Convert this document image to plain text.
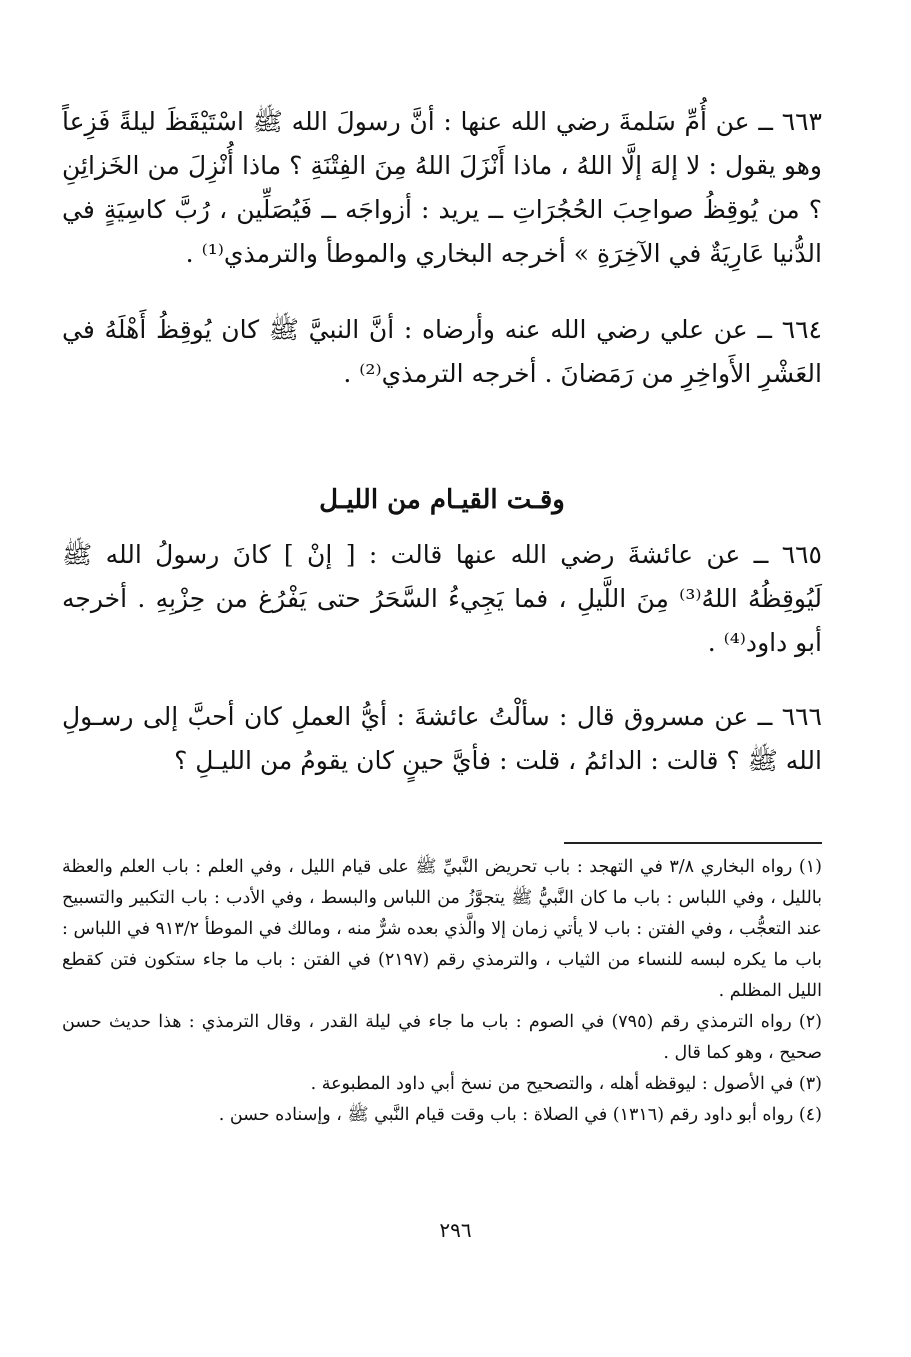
٦٦٣ ــ عن أُمِّ سَلمةَ رضي الله عنها : أنَّ رسولَ الله ﷺ اسْتَيْقَظَ ليلةً فَزِعاً وهو يقول : لا إلهَ إلَّا اللهُ ، ماذا أَنْزَلَ اللهُ مِنَ الفِتْنَةِ ؟ ماذا أُنْزِلَ من الخَزائِنِ ؟ من يُوقِظُ صواحِبَ الحُجُرَاتِ ــ يريد : أزواجَه ــ فَيُصَلِّين ، رُبَّ كاسِيَةٍ في الدُّنيا عَارِيَةٌ في الآخِرَةِ » أخرجه البخاري والموطأ والترمذي⁽¹⁾ .

٦٦٤ ــ عن علي رضي الله عنه وأرضاه : أنَّ النبيَّ ﷺ كان يُوقِظُ أَهْلَهُ في العَشْرِ الأَواخِرِ من رَمَضانَ . أخرجه الترمذي⁽²⁾ .

وقـت القيـام من الليـل

٦٦٥ ــ عن عائشةَ رضي الله عنها قالت : [ إنْ ] كانَ رسولُ الله ﷺ لَيُوقِظُهُ اللهُ⁽³⁾ مِنَ اللَّيلِ ، فما يَجِيءُ السَّحَرُ حتى يَفْرُغ من حِزْبِهِ . أخرجه أبو داود⁽⁴⁾ .

٦٦٦ ــ عن مسروق قال : سألْتُ عائشةَ : أيُّ العملِ كان أحبَّ إلى رسـولِ الله ﷺ ؟ قالت : الدائمُ ، قلت : فأيَّ حينٍ كان يقومُ من الليـلِ ؟

(١) رواه البخاري ٣/٨ في التهجد : باب تحريض النَّبيِّ ﷺ على قيام الليل ، وفي العلم : باب العلم والعظة بالليل ، وفي اللباس : باب ما كان النَّبيُّ ﷺ يتجوَّزُ من اللباس والبسط ، وفي الأدب : باب التكبير والتسبيح عند التعجُّب ، وفي الفتن : باب لا يأتي زمان إلا والَّذي بعده شرٌّ منه ، ومالك في الموطأ ٩١٣/٢ في اللباس : باب ما يكره لبسه للنساء من الثياب ، والترمذي رقم (٢١٩٧) في الفتن : باب ما جاء ستكون فتن كقطع الليل المظلم .

(٢) رواه الترمذي رقم (٧٩٥) في الصوم : باب ما جاء في ليلة القدر ، وقال الترمذي : هذا حديث حسن صحيح ، وهو كما قال .

(٣) في الأصول : ليوقظه أهله ، والتصحيح من نسخ أبي داود المطبوعة .

(٤) رواه أبو داود رقم (١٣١٦) في الصلاة : باب وقت قيام النَّبي ﷺ ، وإسناده حسن .

٢٩٦
